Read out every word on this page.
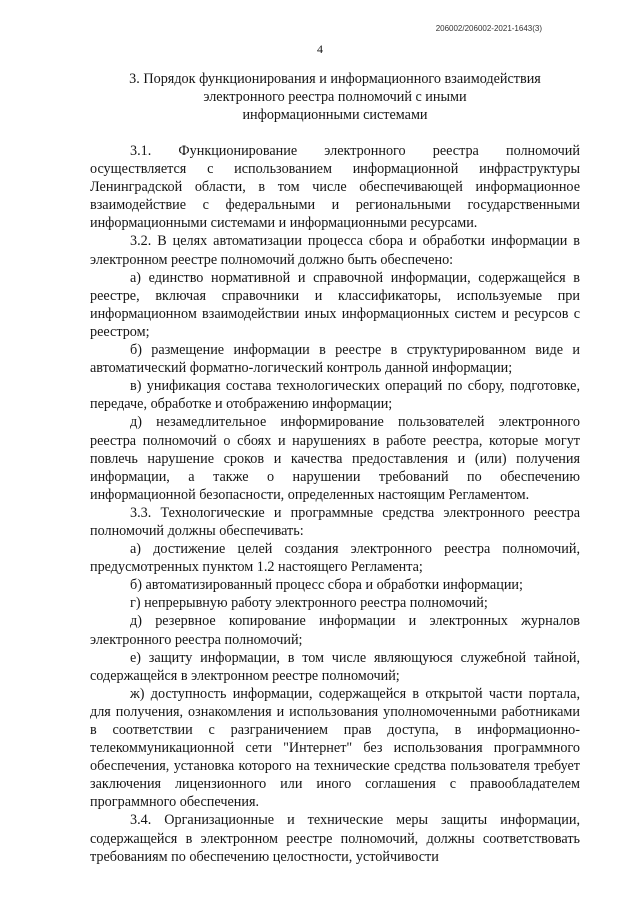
206002/206002-2021-1643(3)
4
3. Порядок функционирования и информационного взаимодействия
электронного реестра полномочий с иными
информационными системами

3.1. Функционирование электронного реестра полномочий осуществляется с использованием информационной инфраструктуры Ленинградской области, в том числе обеспечивающей информационное взаимодействие с федеральными и региональными государственными информационными системами и информационными ресурсами.

3.2. В целях автоматизации процесса сбора и обработки информации в электронном реестре полномочий должно быть обеспечено:

а) единство нормативной и справочной информации, содержащейся в реестре, включая справочники и классификаторы, используемые при информационном взаимодействии иных информационных систем и ресурсов с реестром;

б) размещение информации в реестре в структурированном виде и автоматический форматно-логический контроль данной информации;

в) унификация состава технологических операций по сбору, подготовке, передаче, обработке и отображению информации;

д) незамедлительное информирование пользователей электронного реестра полномочий о сбоях и нарушениях в работе реестра, которые могут повлечь нарушение сроков и качества предоставления и (или) получения информации, а также о нарушении требований по обеспечению информационной безопасности, определенных настоящим Регламентом.

3.3. Технологические и программные средства электронного реестра полномочий должны обеспечивать:

а) достижение целей создания электронного реестра полномочий, предусмотренных пунктом 1.2 настоящего Регламента;

б) автоматизированный процесс сбора и обработки информации;

г) непрерывную работу электронного реестра полномочий;

д) резервное копирование информации и электронных журналов электронного реестра полномочий;

е) защиту информации, в том числе являющуюся служебной тайной, содержащейся в электронном реестре полномочий;

ж) доступность информации, содержащейся в открытой части портала, для получения, ознакомления и использования уполномоченными работниками в соответствии с разграничением прав доступа, в информационно-телекоммуникационной сети "Интернет" без использования программного обеспечения, установка которого на технические средства пользователя требует заключения лицензионного или иного соглашения с правообладателем программного обеспечения.

3.4. Организационные и технические меры защиты информации, содержащейся в электронном реестре полномочий, должны соответствовать требованиям по обеспечению целостности, устойчивости
